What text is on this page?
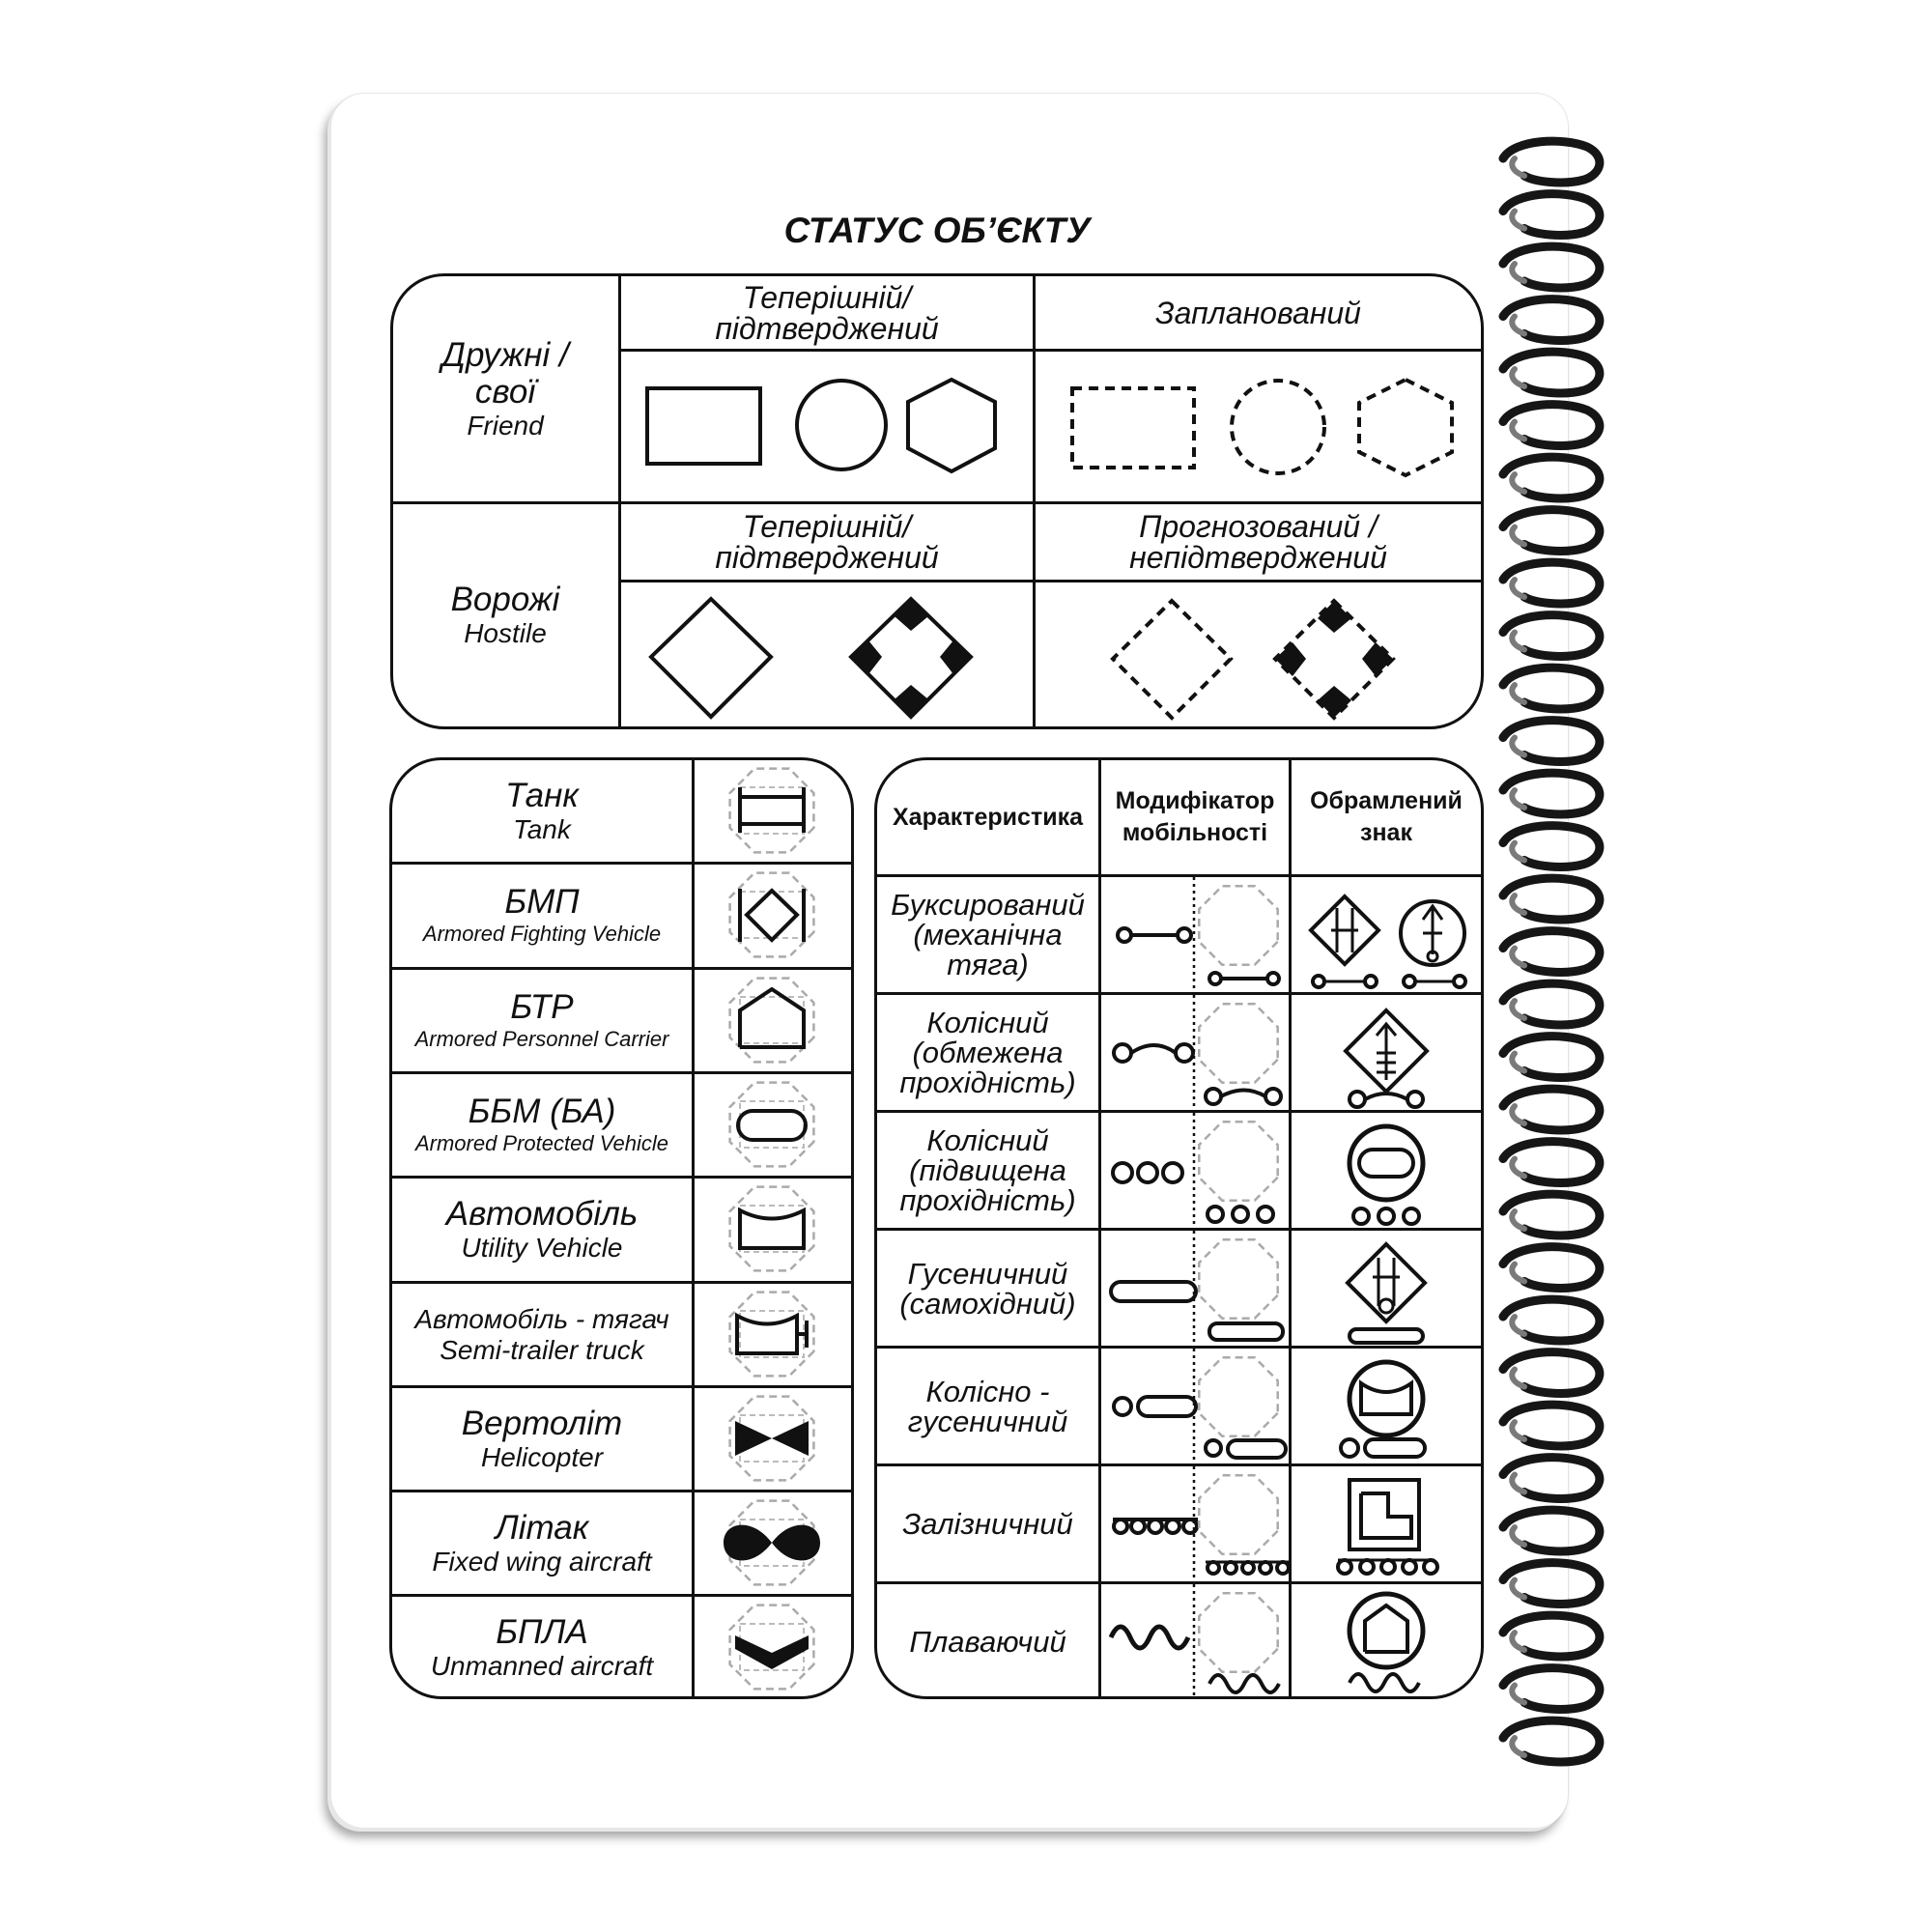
СТАТУС ОБ’ЄКТУ
Дружні /
свої
Friend
Ворожі
Hostile
Теперішній/
підтверджений	Запланований
Теперішній/
підтверджений
Прогнозований /
непідтверджений
Танк
Tank
БМП
Armored Fighting Vehicle
БТР
Armored Personnel Carrier
ББМ (БА)
Armored Protected Vehicle
Автомобіль
Utility Vehicle
Автомобіль - тягач
Semi-trailer truck
Вертоліт
Helicopter
Літак
Fixed wing aircraft
БПЛА
Unmanned aircraft
Характеристика
Модифікатор
мобільності
Обрамлений
знак
Буксирований
(механічна
тяга)
Колісний
(обмежена
прохідність)
Колісний
(підвищена
прохідність)
Гусеничний
(самохідний)
Колісно -
гусеничний
Залізничний
Плаваючий
